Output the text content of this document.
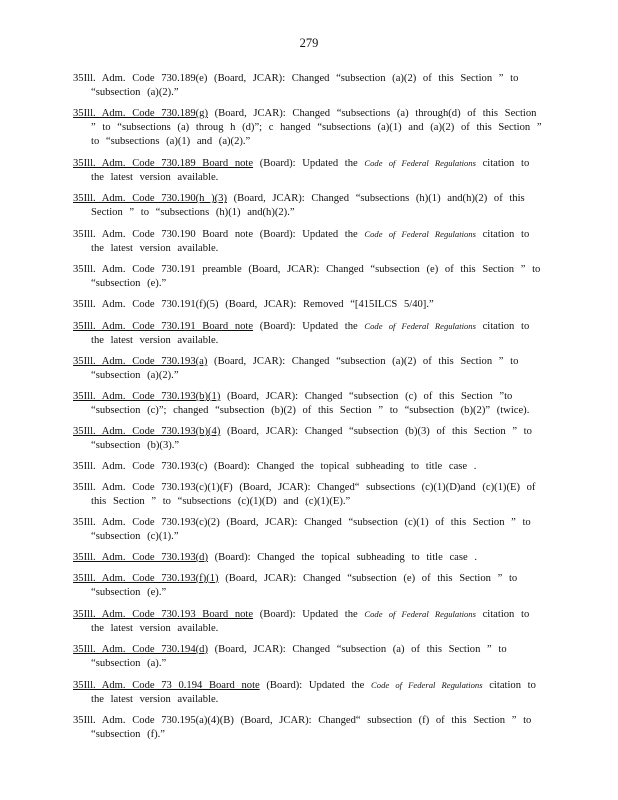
279
35Ill. Adm. Code 730.189(e) (Board, JCAR): Changed “subsection (a)(2) of this Section ” to “subsection (a)(2).”
35Ill. Adm. Code 730.189(g) (Board, JCAR): Changed “subsections (a) through(d) of this Section ” to “subsections (a) throug h (d)”; c hanged “subsections (a)(1) and (a)(2) of this Section ” to “subsections (a)(1) and (a)(2).”
35Ill. Adm. Code 730.189 Board note (Board): Updated the Code of Federal Regulations citation to the latest version available.
35Ill. Adm. Code 730.190(h )(3) (Board, JCAR): Changed “subsections (h)(1) and(h)(2) of this Section ” to “subsections (h)(1) and(h)(2).”
35Ill. Adm. Code 730.190 Board note (Board): Updated the Code of Federal Regulations citation to the latest version available.
35Ill. Adm. Code 730.191 preamble (Board, JCAR): Changed “subsection (e) of this Section ” to “subsection (e).”
35Ill. Adm. Code 730.191(f)(5) (Board, JCAR): Removed “[415ILCS 5/40].”
35Ill. Adm. Code 730.191 Board note (Board): Updated the Code of Federal Regulations citation to the latest version available.
35Ill. Adm. Code 730.193(a) (Board, JCAR): Changed “subsection (a)(2) of this Section ” to “subsection (a)(2).”
35Ill. Adm. Code 730.193(b)(1) (Board, JCAR): Changed “subsection (c) of this Section ”to “subsection (c)”; changed “subsection (b)(2) of this Section ” to “subsection (b)(2)” (twice).
35Ill. Adm. Code 730.193(b)(4) (Board, JCAR): Changed “subsection (b)(3) of this Section ” to “subsection (b)(3).”
35Ill. Adm. Code 730.193(c) (Board): Changed the topical subheading to title case .
35Ill. Adm. Code 730.193(c)(1)(F) (Board, JCAR): Changed“ subsections (c)(1)(D)and (c)(1)(E) of this Section ” to “subsections (c)(1)(D) and (c)(1)(E).”
35Ill. Adm. Code 730.193(c)(2) (Board, JCAR): Changed “subsection (c)(1) of this Section ” to “subsection (c)(1).”
35Ill. Adm. Code 730.193(d) (Board): Changed the topical subheading to title case .
35Ill. Adm. Code 730.193(f)(1) (Board, JCAR): Changed “subsection (e) of this Section ” to “subsection (e).”
35Ill. Adm. Code 730.193 Board note (Board): Updated the Code of Federal Regulations citation to the latest version available.
35Ill. Adm. Code 730.194(d) (Board, JCAR): Changed “subsection (a) of this Section ” to “subsection (a).”
35Ill. Adm. Code 73 0.194 Board note (Board): Updated the Code of Federal Regulations citation to the latest version available.
35Ill. Adm. Code 730.195(a)(4)(B) (Board, JCAR): Changed“ subsection (f) of this Section ” to “subsection (f).”
